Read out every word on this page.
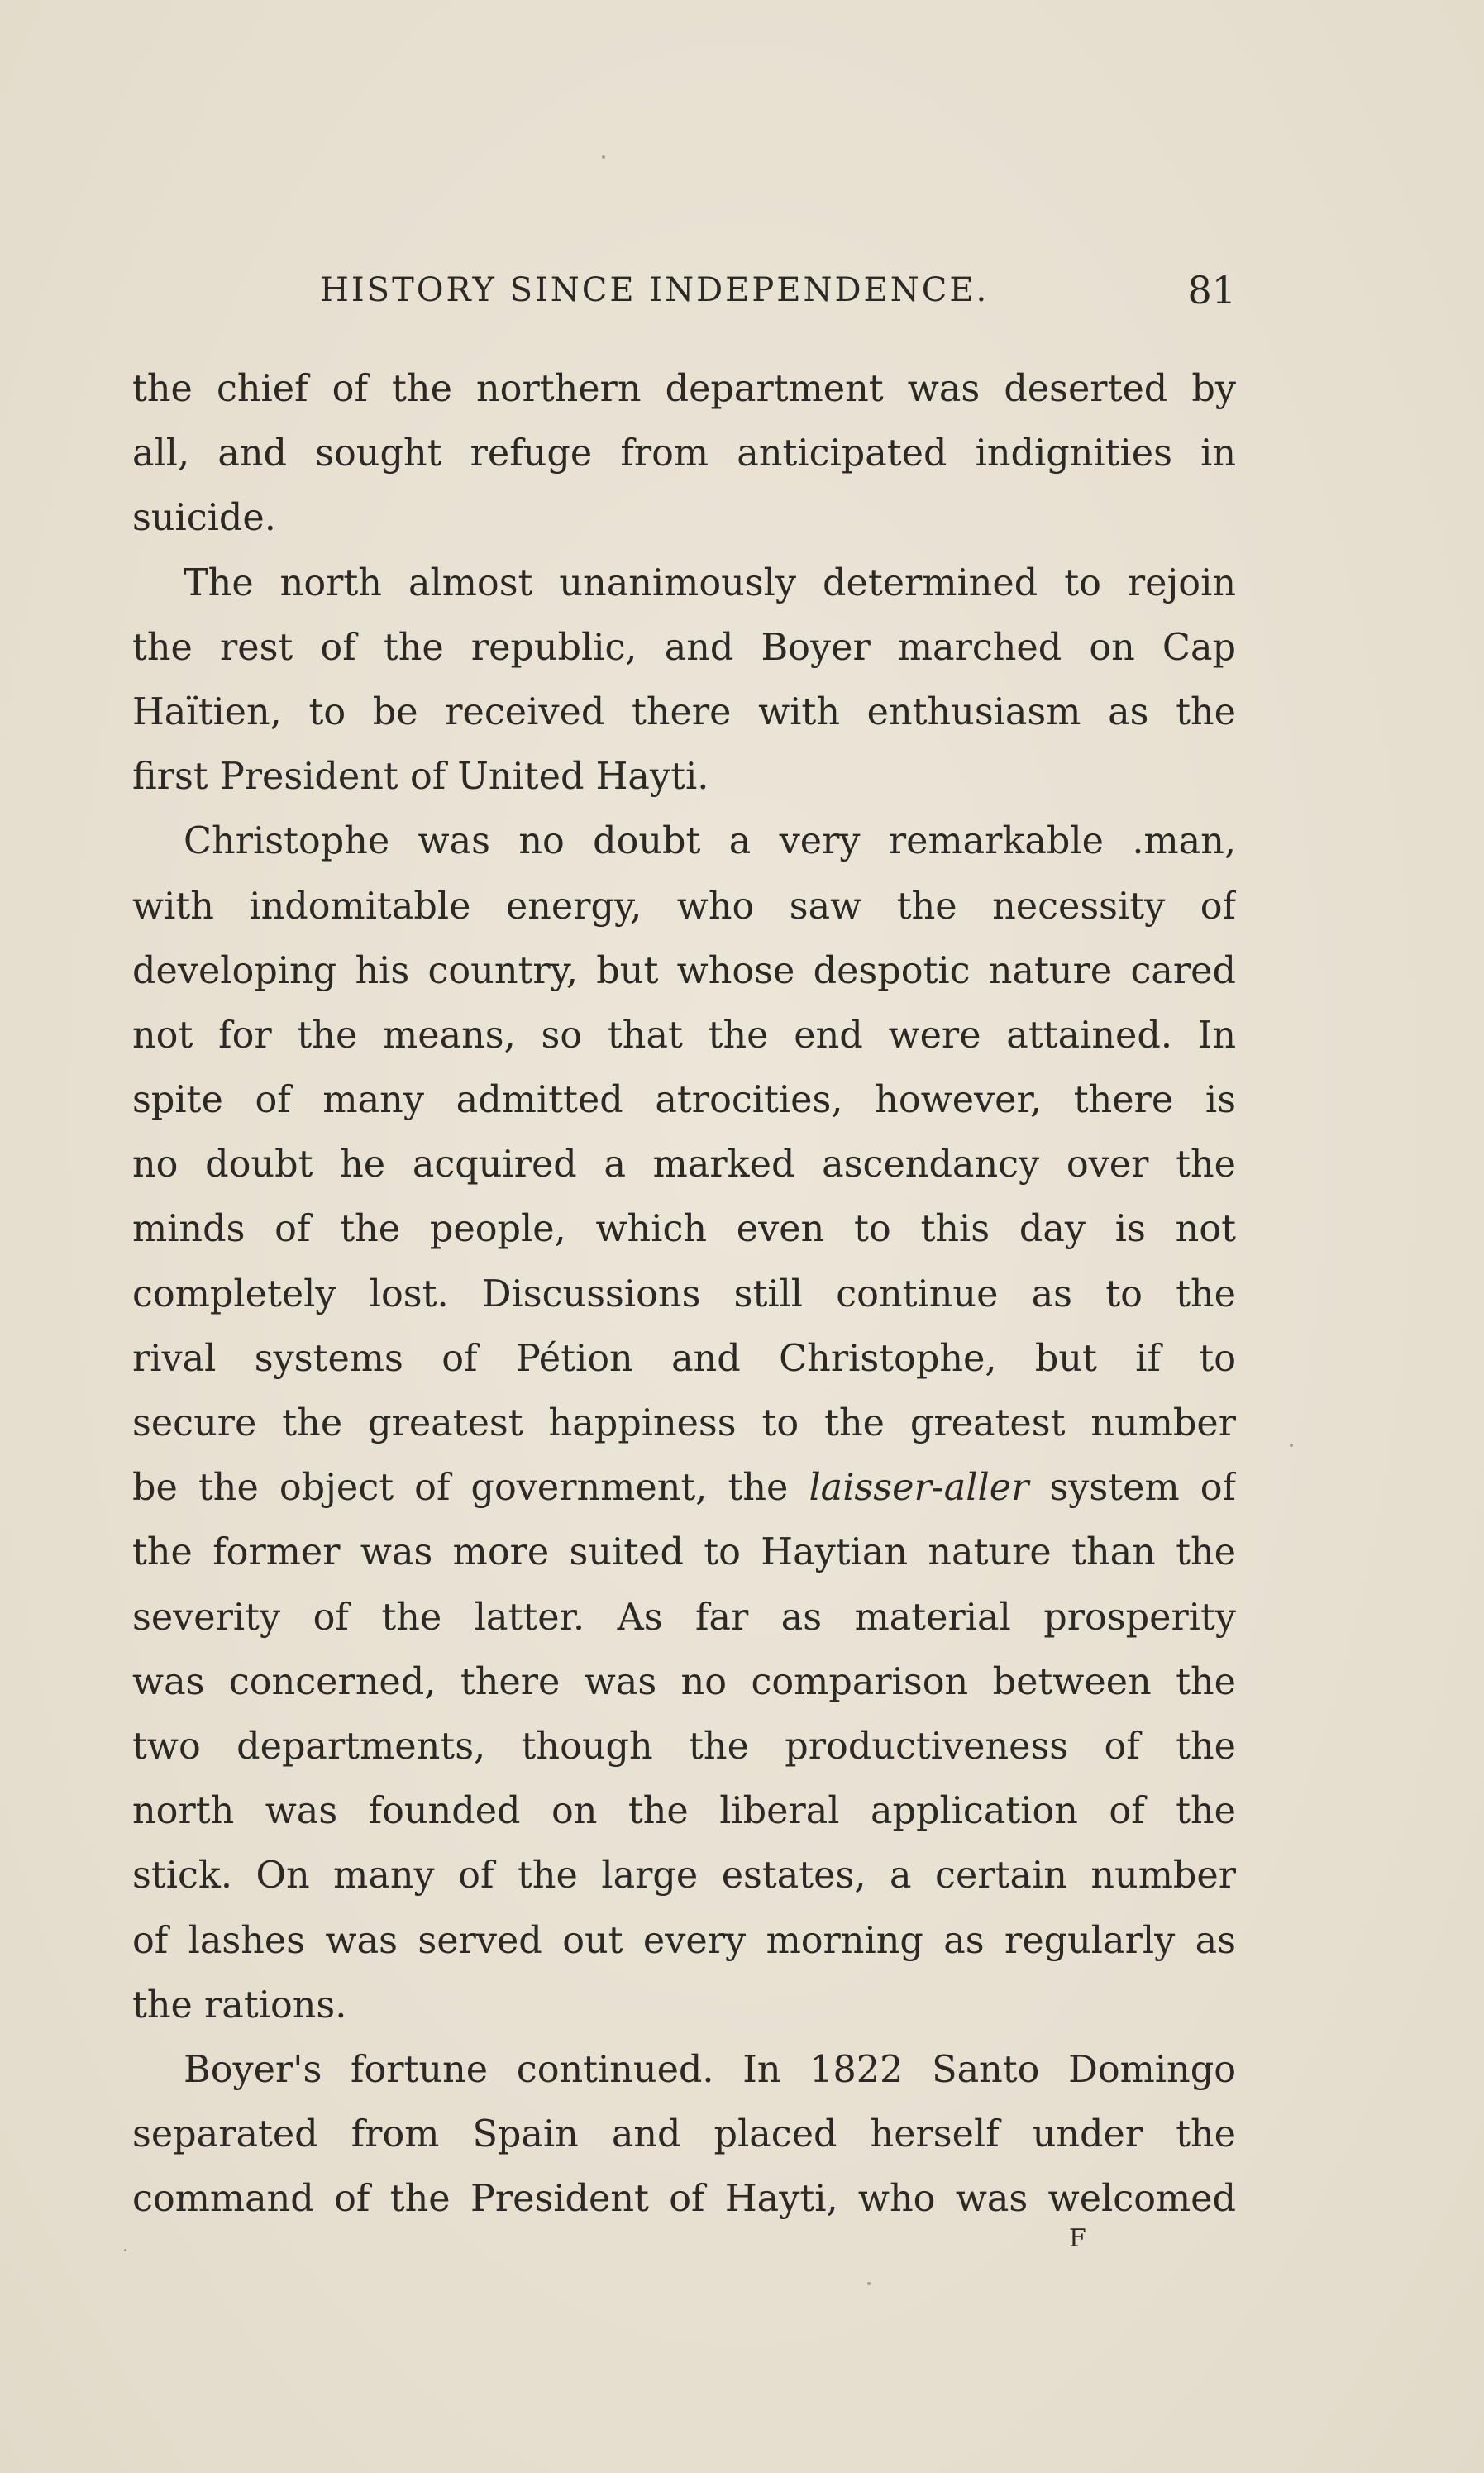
HISTORY SINCE INDEPENDENCE.	81
the chief of the northern department was deserted by
all, and sought refuge from anticipated indignities in
suicide.
The north almost unanimously determined to rejoin
the rest of the republic, and Boyer marched on Cap
Haïtien, to be received there with enthusiasm as the
first President of United Hayti.
Christophe was no doubt a very remarkable .man,
with indomitable energy, who saw the necessity of
developing his country, but whose despotic nature cared
not for the means, so that the end were attained. In
spite of many admitted atrocities, however, there is
no doubt he acquired a marked ascendancy over the
minds of the people, which even to this day is not
completely lost. Discussions still continue as to the
rival systems of Pétion and Christophe, but if to
secure the greatest happiness to the greatest number
be the object of government, the laisser-aller system of
the former was more suited to Haytian nature than the
severity of the latter. As far as material prosperity
was concerned, there was no comparison between the
two departments, though the productiveness of the
north was founded on the liberal application of the
stick. On many of the large estates, a certain number
of lashes was served out every morning as regularly as
the rations.
Boyer's fortune continued. In 1822 Santo Domingo
separated from Spain and placed herself under the
command of the President of Hayti, who was welcomed
F
